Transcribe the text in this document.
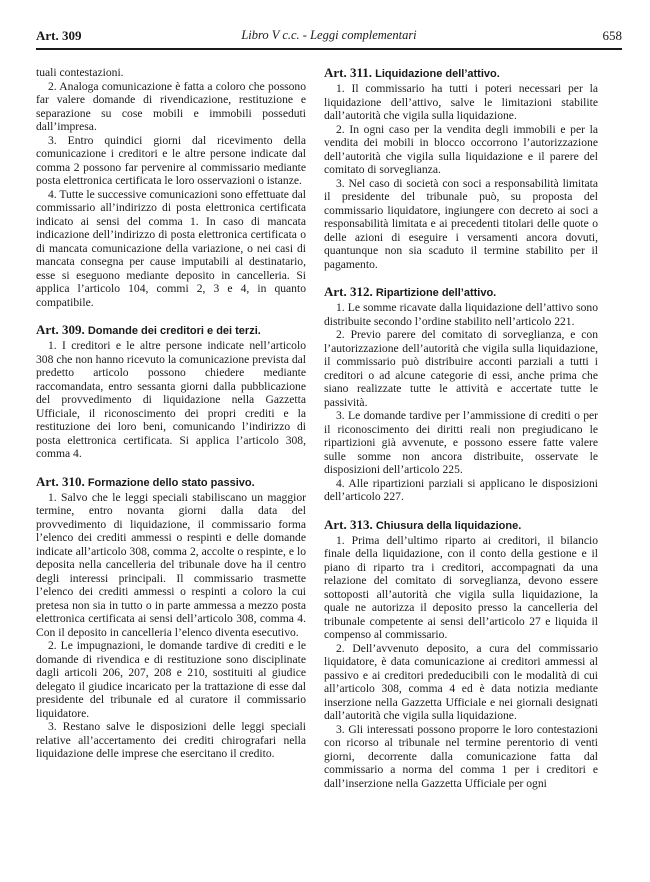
Art. 309	Libro V c.c. - Leggi complementari	658

tuali contestazioni.

2. Analoga comunicazione è fatta a coloro che possono far valere domande di rivendicazione, restituzione e separazione su cose mobili e immobili posseduti dall’impresa.

3. Entro quindici giorni dal ricevimento della comunicazione i creditori e le altre persone indicate dal comma 2 possono far pervenire al commissario mediante posta elettronica certificata le loro osservazioni o istanze.

4. Tutte le successive comunicazioni sono effettuate dal commissario all’indirizzo di posta elettronica certificata indicato ai sensi del comma 1. In caso di mancata indicazione dell’indirizzo di posta elettronica certificata o di mancata comunicazione della variazione, o nei casi di mancata consegna per cause imputabili al destinatario, esse si eseguono mediante deposito in cancelleria. Si applica l’articolo 104, commi 2, 3 e 4, in quanto compatibile.

Art. 309. Domande dei creditori e dei terzi.

1. I creditori e le altre persone indicate nell’articolo 308 che non hanno ricevuto la comunicazione prevista dal predetto articolo possono chiedere mediante raccomandata, entro sessanta giorni dalla pubblicazione del provvedimento di liquidazione nella Gazzetta Ufficiale, il riconoscimento dei propri crediti e la restituzione dei loro beni, comunicando l’indirizzo di posta elettronica certificata. Si applica l’articolo 308, comma 4.

Art. 310. Formazione dello stato passivo.

1. Salvo che le leggi speciali stabiliscano un maggior termine, entro novanta giorni dalla data del provvedimento di liquidazione, il commissario forma l’elenco dei crediti ammessi o respinti e delle domande indicate all’articolo 308, comma 2, accolte o respinte, e lo deposita nella cancelleria del tribunale dove ha il centro degli interessi principali. Il commissario trasmette l’elenco dei crediti ammessi o respinti a coloro la cui pretesa non sia in tutto o in parte ammessa a mezzo posta elettronica certificata ai sensi dell’articolo 308, comma 4. Con il deposito in cancelleria l’elenco diventa esecutivo.

2. Le impugnazioni, le domande tardive di crediti e le domande di rivendica e di restituzione sono disciplinate dagli articoli 206, 207, 208 e 210, sostituiti al giudice delegato il giudice incaricato per la trattazione di esse dal presidente del tribunale ed al curatore il commissario liquidatore.

3. Restano salve le disposizioni delle leggi speciali relative all’accertamento dei crediti chirografari nella liquidazione delle imprese che esercitano il credito.

Art. 311. Liquidazione dell’attivo.

1. Il commissario ha tutti i poteri necessari per la liquidazione dell’attivo, salve le limitazioni stabilite dall’autorità che vigila sulla liquidazione.

2. In ogni caso per la vendita degli immobili e per la vendita dei mobili in blocco occorrono l’autorizzazione dell’autorità che vigila sulla liquidazione e il parere del comitato di sorveglianza.

3. Nel caso di società con soci a responsabilità limitata il presidente del tribunale può, su proposta del commissario liquidatore, ingiungere con decreto ai soci a responsabilità limitata e ai precedenti titolari delle quote o delle azioni di eseguire i versamenti ancora dovuti, quantunque non sia scaduto il termine stabilito per il pagamento.

Art. 312. Ripartizione dell’attivo.

1. Le somme ricavate dalla liquidazione dell’attivo sono distribuite secondo l’ordine stabilito nell’articolo 221.

2. Previo parere del comitato di sorveglianza, e con l’autorizzazione dell’autorità che vigila sulla liquidazione, il commissario può distribuire acconti parziali a tutti i creditori o ad alcune categorie di essi, anche prima che siano realizzate tutte le attività e accertate tutte le passività.

3. Le domande tardive per l’ammissione di crediti o per il riconoscimento dei diritti reali non pregiudicano le ripartizioni già avvenute, e possono essere fatte valere sulle somme non ancora distribuite, osservate le disposizioni dell’articolo 225.

4. Alle ripartizioni parziali si applicano le disposizioni dell’articolo 227.

Art. 313. Chiusura della liquidazione.

1. Prima dell’ultimo riparto ai creditori, il bilancio finale della liquidazione, con il conto della gestione e il piano di riparto tra i creditori, accompagnati da una relazione del comitato di sorveglianza, devono essere sottoposti all’autorità che vigila sulla liquidazione, la quale ne autorizza il deposito presso la cancelleria del tribunale competente ai sensi dell’articolo 27 e liquida il compenso al commissario.

2. Dell’avvenuto deposito, a cura del commissario liquidatore, è data comunicazione ai creditori ammessi al passivo e ai creditori prededucibili con le modalità di cui all’articolo 308, comma 4 ed è data notizia mediante inserzione nella Gazzetta Ufficiale e nei giornali designati dall’autorità che vigila sulla liquidazione.

3. Gli interessati possono proporre le loro contestazioni con ricorso al tribunale nel termine perentorio di venti giorni, decorrente dalla comunicazione fatta dal commissario a norma del comma 1 per i creditori e dall’inserzione nella Gazzetta Ufficiale per ogni
